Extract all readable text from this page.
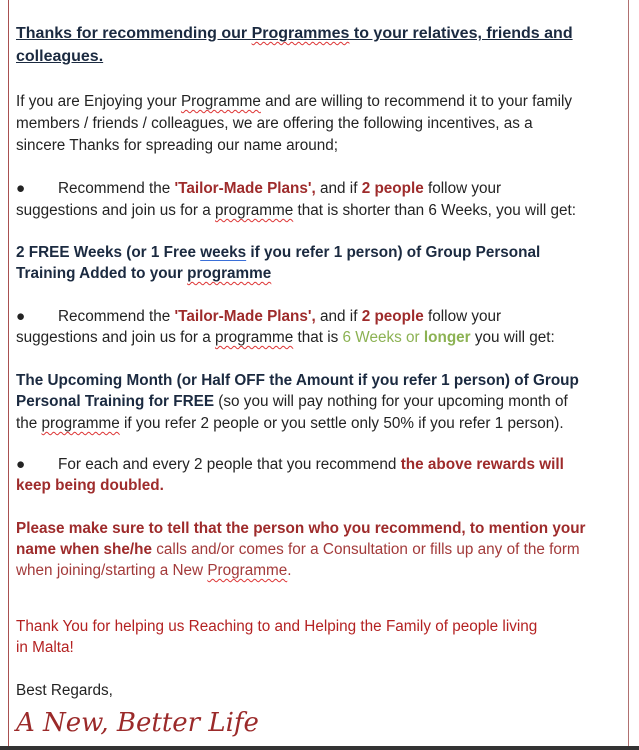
Thanks for recommending our Programmes to your relatives, friends and
colleagues.
If you are Enjoying your Programme and are willing to recommend it to your family
members / friends / colleagues, we are offering the following incentives, as a
sincere Thanks for spreading our name around;
● Recommend the 'Tailor-Made Plans', and if 2 people follow your
suggestions and join us for a programme that is shorter than 6 Weeks, you will get:
2 FREE Weeks (or 1 Free weeks if you refer 1 person) of Group Personal
Training Added to your programme
● Recommend the 'Tailor-Made Plans', and if 2 people follow your
suggestions and join us for a programme that is 6 Weeks or longer you will get:
The Upcoming Month (or Half OFF the Amount if you refer 1 person) of Group
Personal Training for FREE (so you will pay nothing for your upcoming month of
the programme if you refer 2 people or you settle only 50% if you refer 1 person).
● For each and every 2 people that you recommend the above rewards will
keep being doubled.
Please make sure to tell that the person who you recommend, to mention your
name when she/he calls and/or comes for a Consultation or fills up any of the form
when joining/starting a New Programme.
Thank You for helping us Reaching to and Helping the Family of people living
in Malta!
Best Regards,
A New, Better Life
